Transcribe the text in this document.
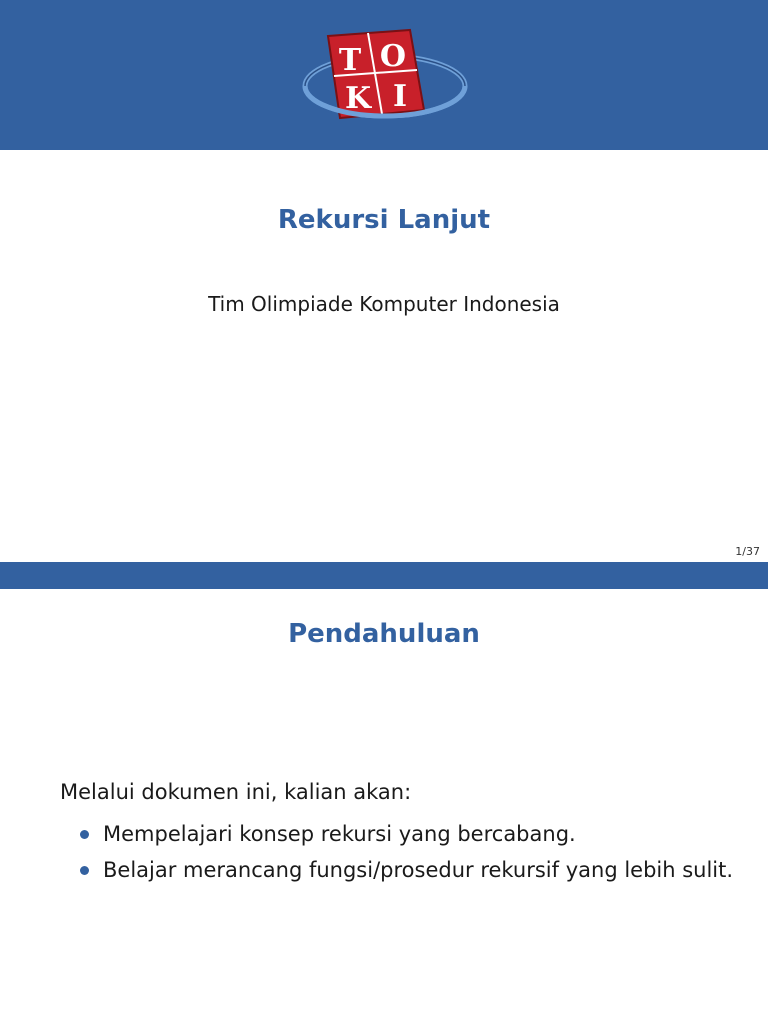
T O
K I
Rekursi Lanjut
Tim Olimpiade Komputer Indonesia
1/37
Pendahuluan
Melalui dokumen ini, kalian akan:
Mempelajari konsep rekursi yang bercabang.
Belajar merancang fungsi/prosedur rekursif yang lebih sulit.
